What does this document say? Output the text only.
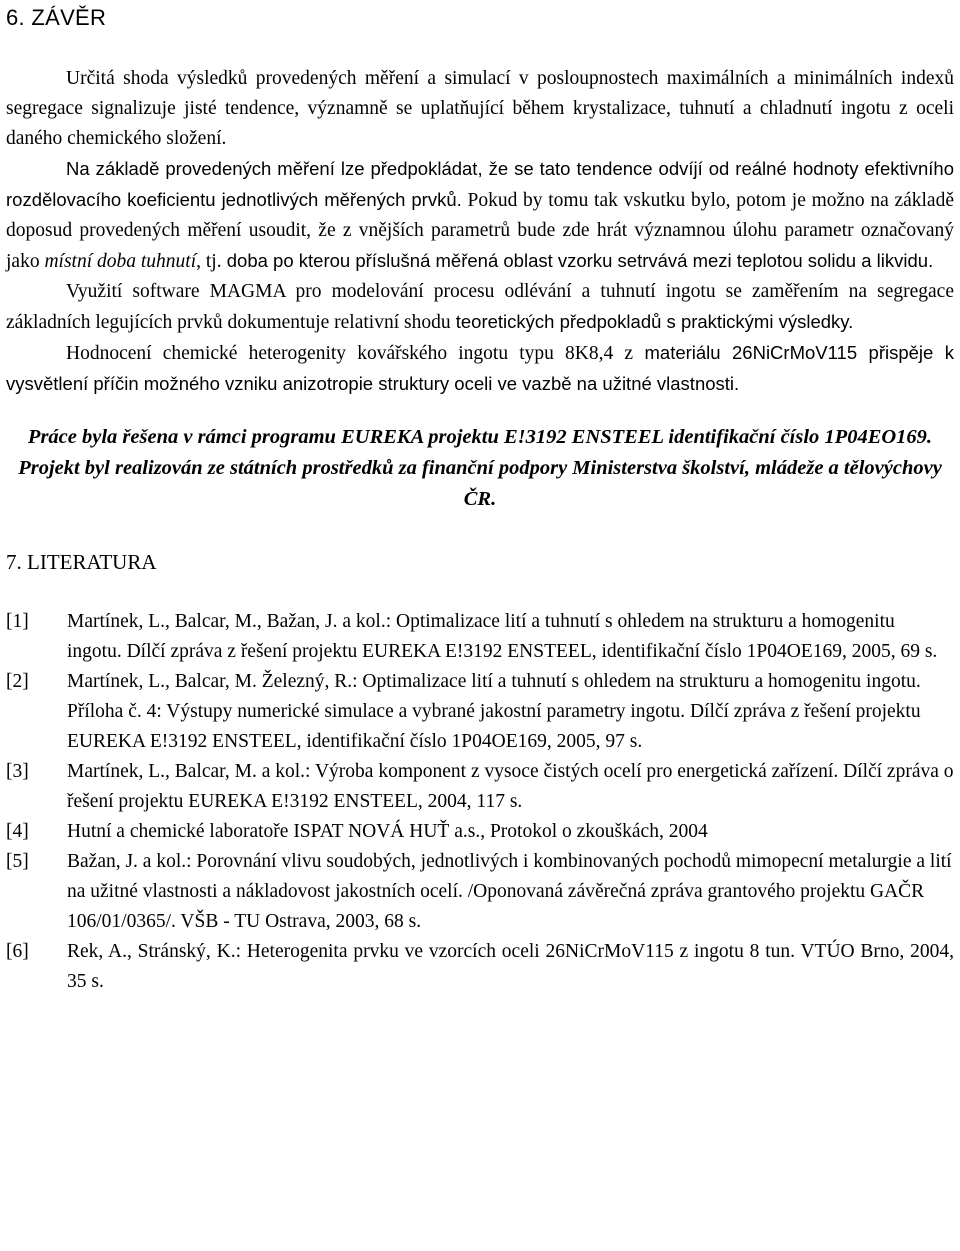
6. ZÁVĚR

Určitá shoda výsledků provedených měření a simulací v posloupnostech maximálních a minimálních indexů segregace signalizuje jisté tendence, významně se uplatňující během krystalizace, tuhnutí a chladnutí ingotu z oceli daného chemického složení.

Na základě provedených měření lze předpokládat, že se tato tendence odvíjí od reálné hodnoty efektivního rozdělovacího koeficientu jednotlivých měřených prvků. Pokud by tomu tak vskutku bylo, potom je možno na základě doposud provedených měření usoudit, že z vnějších parametrů bude zde hrát významnou úlohu parametr označovaný jako místní doba tuhnutí, tj. doba po kterou příslušná měřená oblast vzorku setrvává mezi teplotou solidu a likvidu.

Využití software MAGMA pro modelování procesu odlévání a tuhnutí ingotu se zaměřením na segregace základních legujících prvků dokumentuje relativní shodu teoretických předpokladů s praktickými výsledky.

Hodnocení chemické heterogenity kovářského ingotu typu 8K8,4 z materiálu 26NiCrMoV115 přispěje k vysvětlení příčin možného vzniku anizotropie struktury oceli ve vazbě na užitné vlastnosti.

Práce byla řešena v rámci programu EUREKA projektu E!3192 ENSTEEL identifikační číslo 1P04EO169. Projekt byl realizován ze státních prostředků za finanční podpory Ministerstva školství, mládeže a tělovýchovy ČR.

7. LITERATURA
[1]	Martínek, L., Balcar, M., Bažan, J. a kol.: Optimalizace lití a tuhnutí s ohledem na strukturu a homogenitu ingotu. Dílčí zpráva z řešení projektu EUREKA E!3192 ENSTEEL, identifikační číslo 1P04OE169, 2005, 69 s.
[2]	Martínek, L., Balcar, M. Železný, R.: Optimalizace lití a tuhnutí s ohledem na strukturu a homogenitu ingotu. Příloha č. 4: Výstupy numerické simulace a vybrané jakostní parametry ingotu. Dílčí zpráva z řešení projektu EUREKA E!3192 ENSTEEL, identifikační číslo 1P04OE169, 2005, 97 s.
[3]	Martínek, L., Balcar, M. a kol.: Výroba komponent z vysoce čistých ocelí pro energetická zařízení. Dílčí zpráva o řešení projektu EUREKA E!3192 ENSTEEL, 2004, 117 s.
[4]	Hutní a chemické laboratoře ISPAT NOVÁ HUŤ a.s., Protokol o zkouškách, 2004
[5]	Bažan, J. a kol.: Porovnání vlivu soudobých, jednotlivých i kombinovaných pochodů mimopecní metalurgie a lití na užitné vlastnosti a nákladovost jakostních ocelí. /Oponovaná závěrečná zpráva grantového projektu GAČR 106/01/0365/. VŠB - TU Ostrava, 2003, 68 s.
[6]	Rek, A., Stránský, K.: Heterogenita prvku ve vzorcích oceli 26NiCrMoV115 z ingotu 8 tun. VTÚO Brno, 2004, 35 s.
